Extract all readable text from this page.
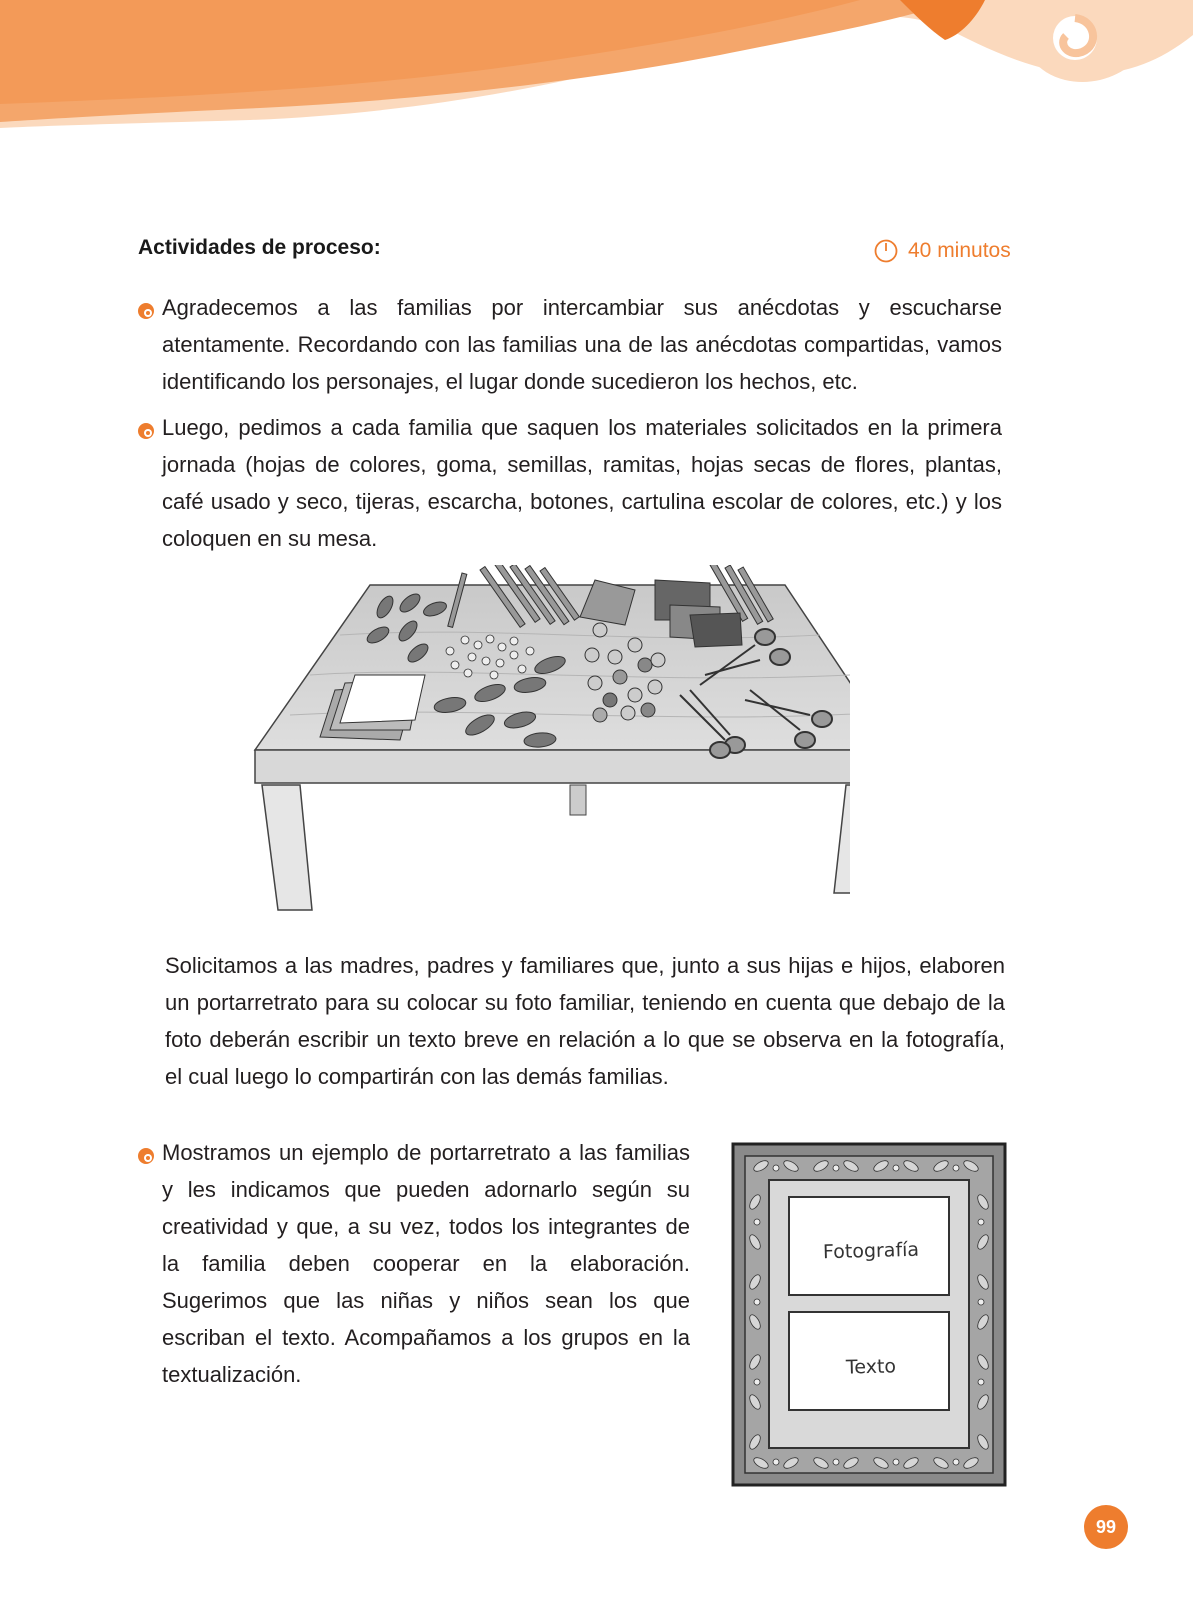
Actividades de proceso:	40 minutos

Agradecemos a las familias por intercambiar sus anécdotas y escucharse atentamente. Recordando con las familias una de las anécdotas compartidas, vamos identificando los personajes, el lugar donde sucedieron los hechos, etc.

Luego, pedimos a cada familia que saquen los materiales solicitados en la primera jornada (hojas de colores, goma, semillas, ramitas, hojas secas de flores, plantas, café usado y seco, tijeras, escarcha, botones, cartulina escolar de colores, etc.) y los coloquen en su mesa.

Solicitamos a las madres, padres y familiares que, junto a sus hijas e hijos, elaboren un portarretrato para su colocar su foto familiar, teniendo en cuenta que debajo de la foto deberán escribir un texto breve en relación a lo que se observa en la fotografía, el cual luego lo compartirán con las demás familias.

Mostramos un ejemplo de portarretrato a las familias y les indicamos que pueden adornarlo según su creatividad y que, a su vez, todos los integrantes de la familia deben cooperar en la elaboración. Sugerimos que las niñas y niños sean los que escriban el texto. Acompañamos a los grupos en la textualización.

Fotografía
Texto
99
